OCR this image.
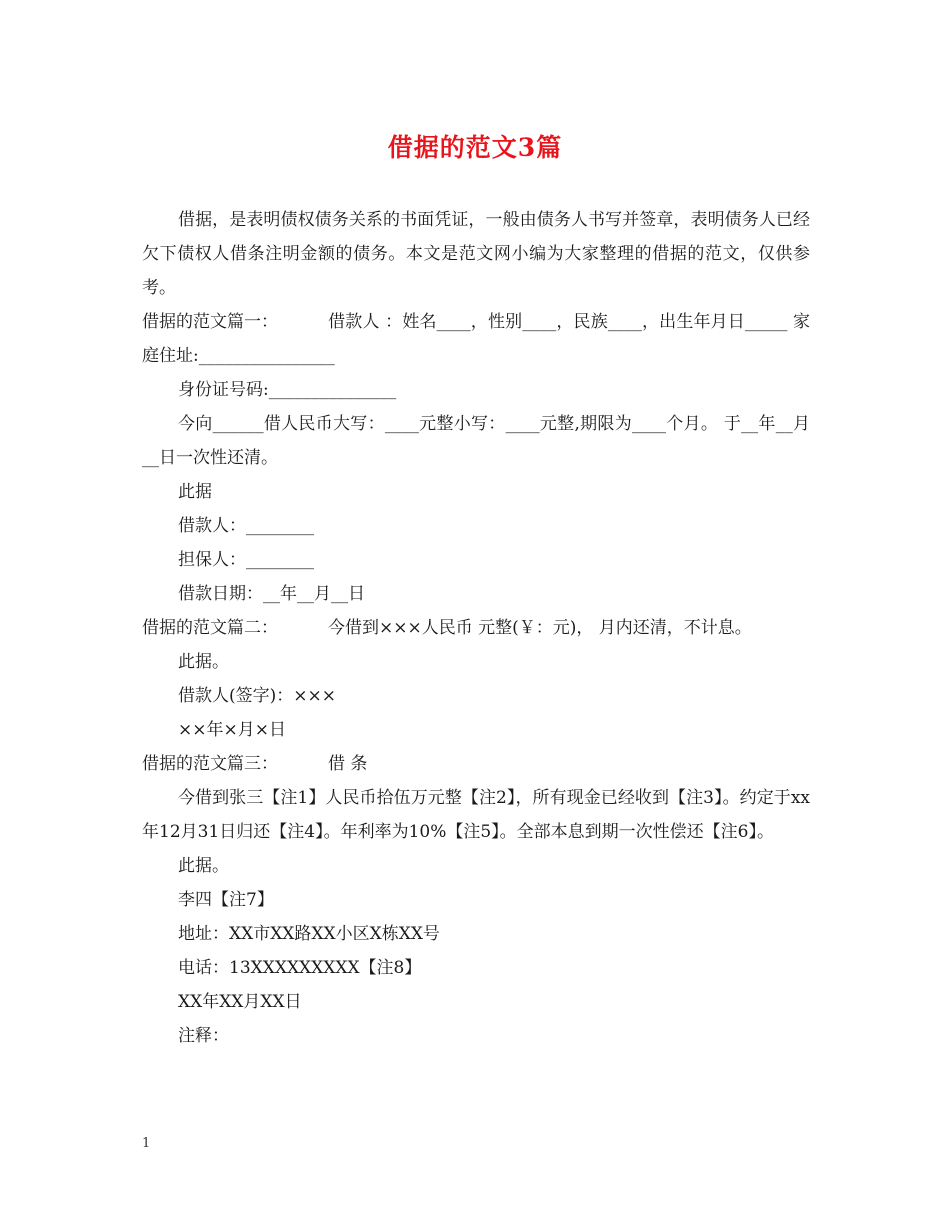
借据的范文3篇

借据，是表明债权债务关系的书面凭证，一般由债务人书写并签章，表明债务人已经欠下债权人借条注明金额的债务。本文是范文网小编为大家整理的借据的范文，仅供参考。

借据的范文篇一：	借款人 ：姓名____，性别____，民族____，出生年月日_____ 家庭住址:________________

身份证号码:_______________

今向______借人民币大写：____元整小写：____元整,期限为____个月。 于__年__月__日一次性还清。

此据

借款人：________

担保人：________

借款日期：__年__月__日

借据的范文篇二：	今借到×××人民币 元整(￥：元)， 月内还清，不计息。

此据。

借款人(签字)：×××

××年×月×日

借据的范文篇三：	借 条

今借到张三【注1】人民币拾伍万元整【注2】，所有现金已经收到【注3】。约定于xx年12月31日归还【注4】。年利率为10%【注5】。全部本息到期一次性偿还【注6】。

此据。

李四【注7】

地址：XX市XX路XX小区X栋XX号

电话：13XXXXXXXXX【注8】

XX年XX月XX日

注释：

1
